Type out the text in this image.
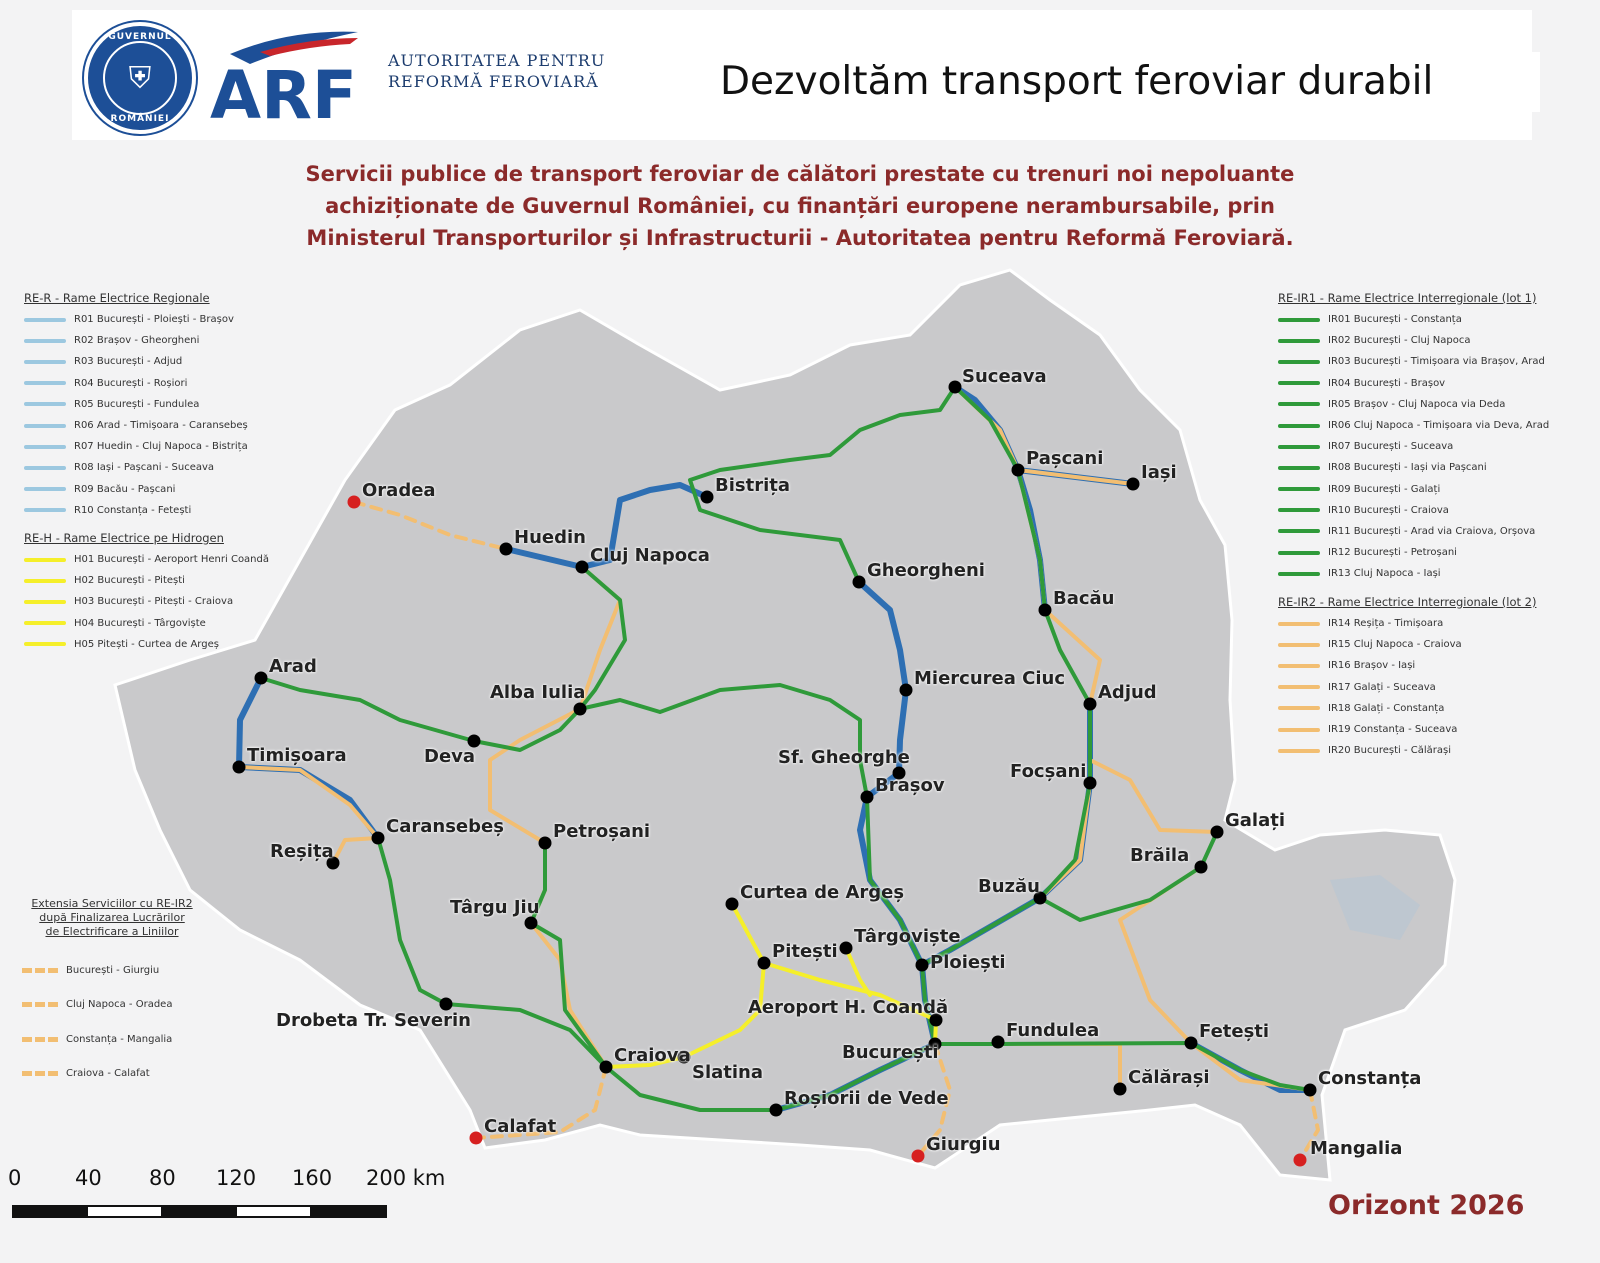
GUVERNUL
⛨
ROMÂNIEI ARF AUTORITATEA PENTRU
REFORMĂ FEROVIARĂ	Dezvoltăm transport feroviar durabil
Servicii publice de transport feroviar de călători prestate cu trenuri noi nepoluante
achiziționate de Guvernul României, cu finanțări europene nerambursabile, prin
Ministerul Transporturilor și Infrastructurii - Autoritatea pentru Reformă Feroviară.
RE-R - Rame Electrice Regionale
R01 București - Ploiești - Brașov
R02 Brașov - Gheorgheni
R03 București - Adjud
R04 București - Roșiori
R05 București - Fundulea
R06 Arad - Timișoara - Caransebeș
R07 Huedin - Cluj Napoca - Bistrița
R08 Iași - Pașcani - Suceava
R09 Bacău - Pașcani
R10 Constanța - Fetești
RE-H - Rame Electrice pe Hidrogen
H01 București - Aeroport Henri Coandă
H02 București - Pitești
H03 București - Pitești - Craiova
H04 București - Târgoviște
H05 Pitești - Curtea de Argeș
RE-IR1 - Rame Electrice Interregionale (lot 1)
IR01 București - Constanța
IR02 București - Cluj Napoca
IR03 București - Timișoara via Brașov, Arad
IR04 București - Brașov
IR05 Brașov - Cluj Napoca via Deda
IR06 Cluj Napoca - Timișoara via Deva, Arad
IR07 București - Suceava
IR08 București - Iași via Pașcani
IR09 București - Galați
IR10 București - Craiova
IR11 București - Arad via Craiova, Orșova
IR12 București - Petroșani
IR13 Cluj Napoca - Iași
RE-IR2 - Rame Electrice Interregionale (lot 2)
IR14 Reșița - Timișoara
IR15 Cluj Napoca - Craiova
IR16 Brașov - Iași
IR17 Galați - Suceava
IR18 Galați - Constanța
IR19 Constanța - Suceava
IR20 București - Călărași
Extensia Serviciilor cu RE-IR2
după Finalizarea Lucrărilor
de Electrificare a Liniilor
București - Giurgiu
Cluj Napoca - Oradea
Constanța - Mangalia
Craiova - Calafat
Suceava
Pașcani
Iași
Oradea	Bistrița
Huedin
Cluj Napoca
Gheorgheni
Bacău
Arad
Alba Iulia
Miercurea Ciuc
Adjud
Timișoara	Deva	Sf. Gheorghe
Brașov
Focșani
Galați
Caransebeș	Petroșani
Reșița	Brăila
Curtea de Argeș	Buzău
Târgu Jiu
Târgoviște
Pitești
Ploiești
Aeroport H. Coandă
Drobeta Tr. Severin	Fundulea	Fetești
Craiova	București
Slatina	Călărași	Constanța
Roșiorii de Vede
Calafat
Giurgiu	Mangalia
0	40 80 120 160 200 km
Orizont 2026
